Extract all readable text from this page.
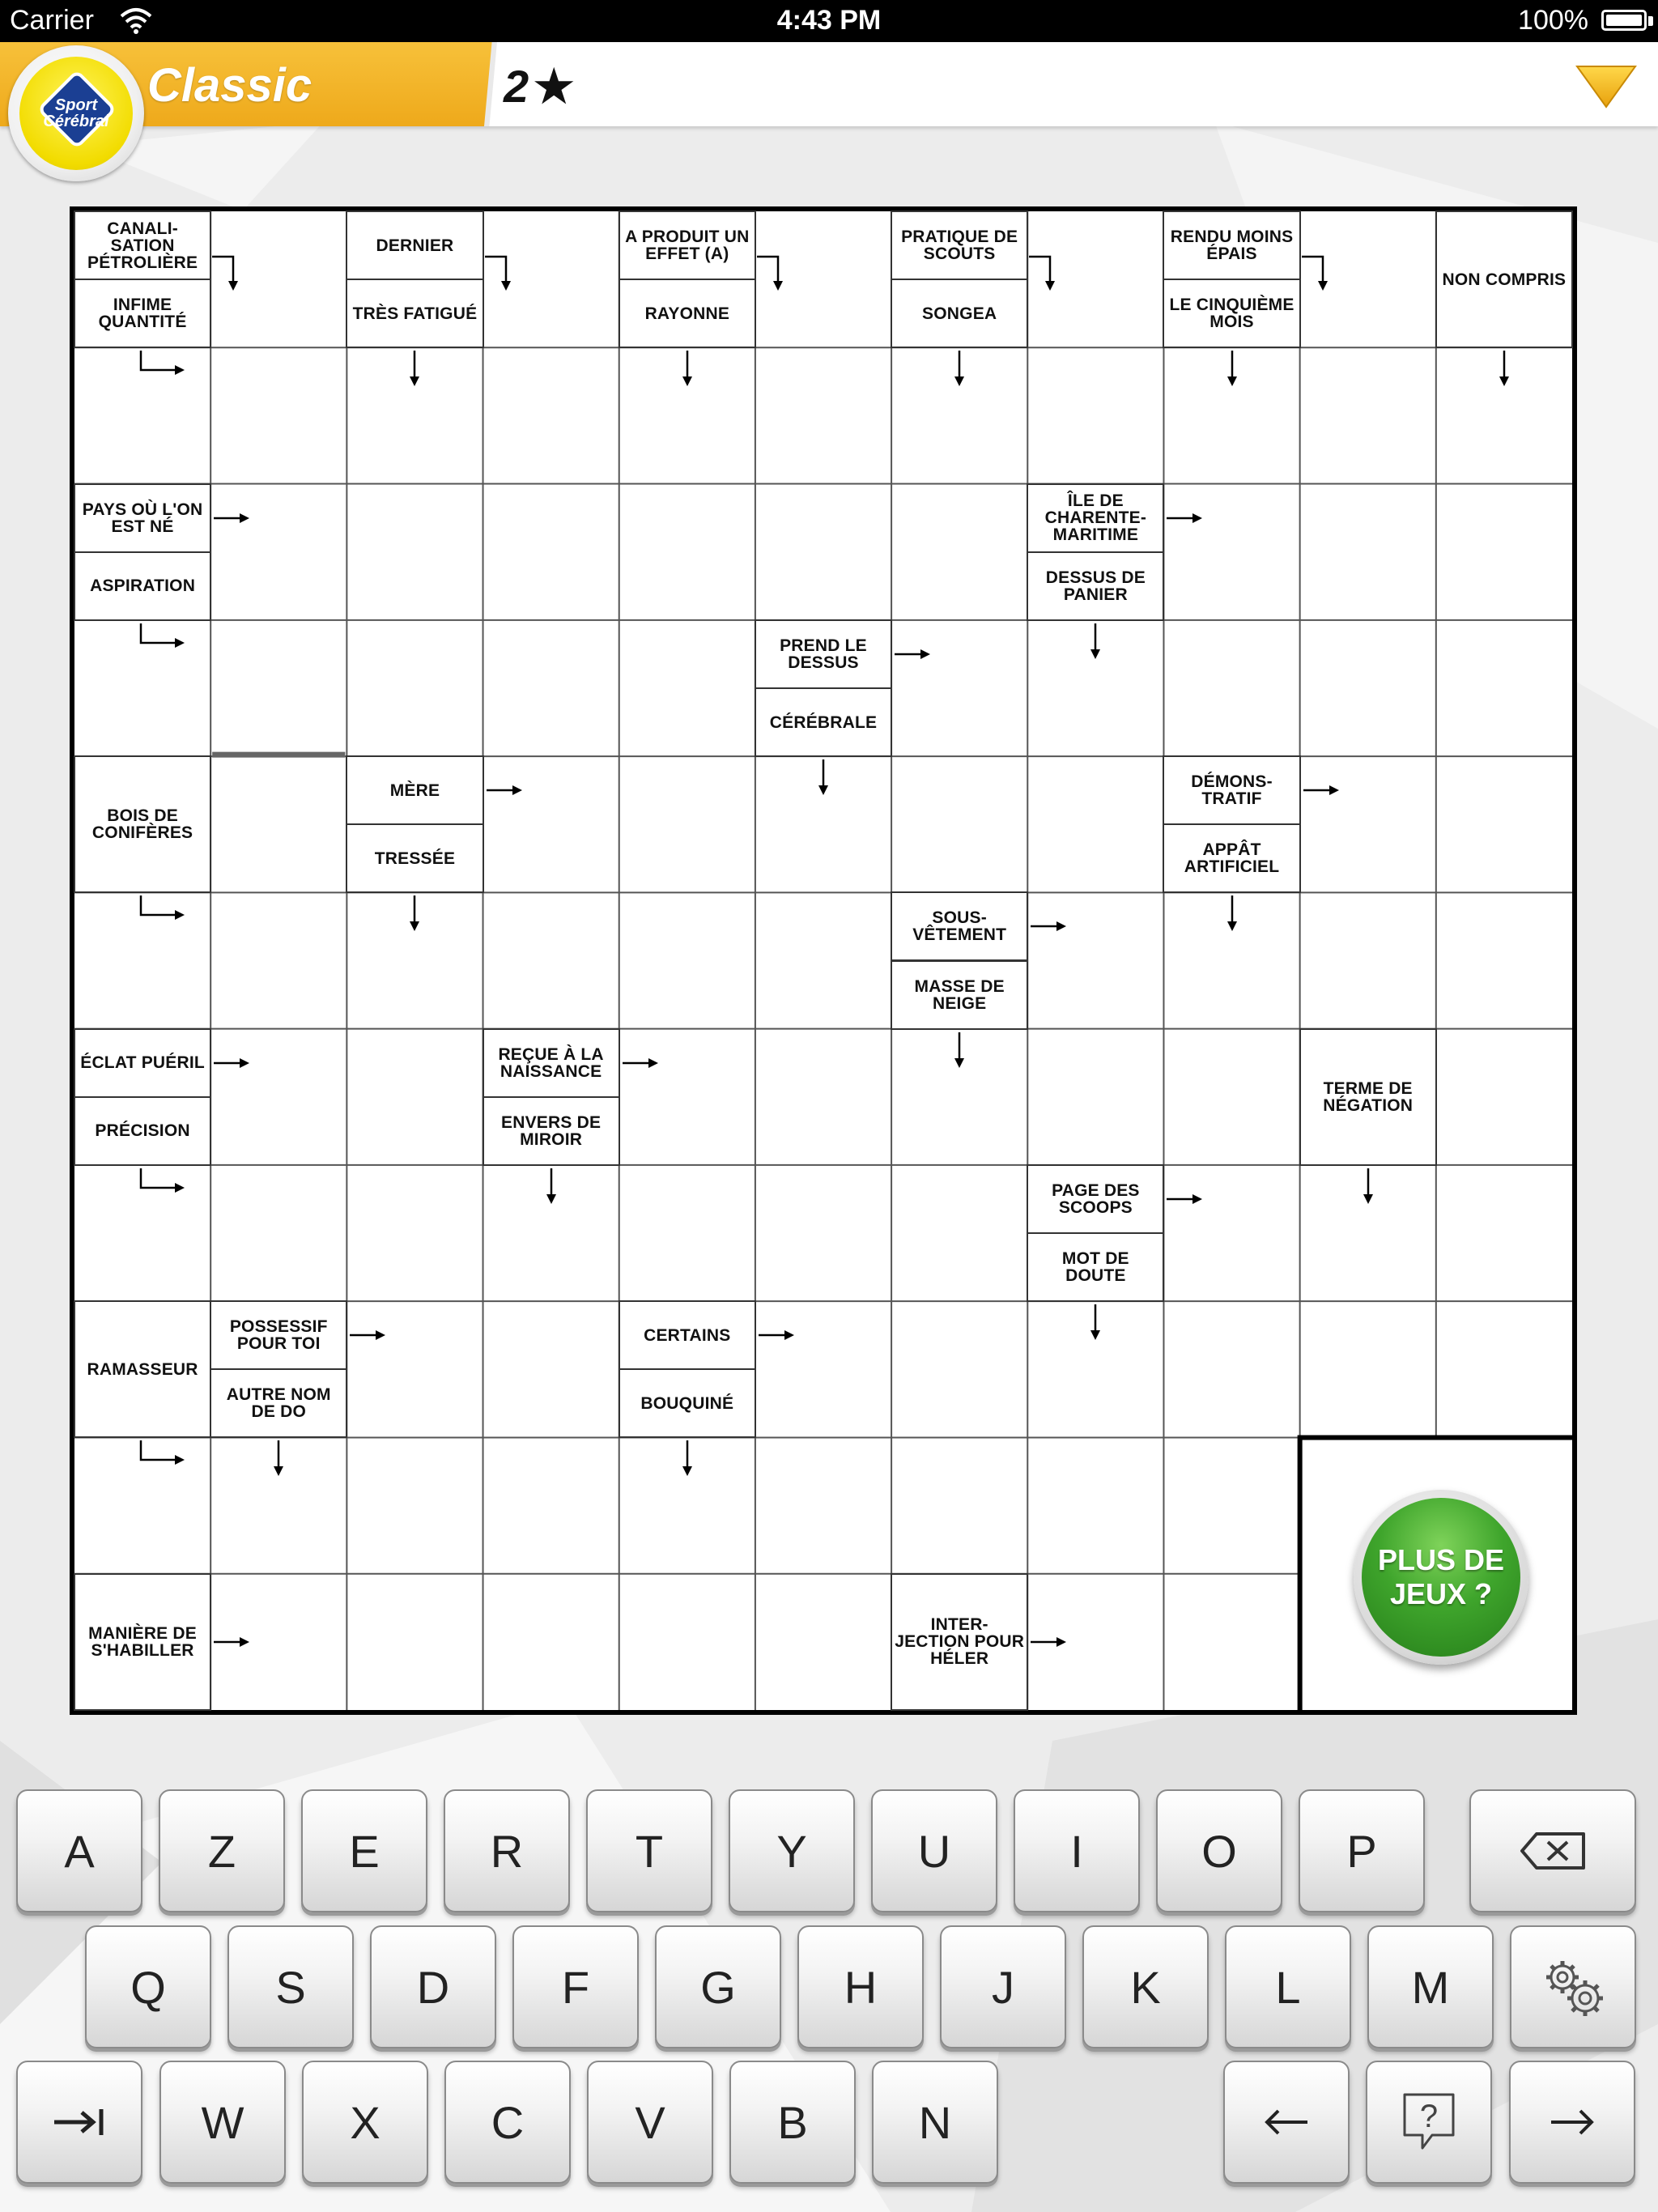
Carrier	4:43 PM	100%
Classic	2 ★
Sport
Cérébral
CANALI-SATION PÉTROLIÈRE
INFIME QUANTITÉ
DERNIER
TRÈS FATIGUÉ
A PRODUIT UN EFFET (A)
RAYONNE
PRATIQUE DE SCOUTS
SONGEA
RENDU MOINS ÉPAIS
LE CINQUIÈME MOIS
NON COMPRIS
PAYS OÙ L'ON EST NÉ
ASPIRATION
ÎLE DE CHARENTE-MARITIME
DESSUS DE PANIER
PREND LE DESSUS
CÉRÉBRALE
BOIS DE CONIFÈRES
MÈRE
TRESSÉE
DÉMONS-TRATIF
APPÂT ARTIFICIEL
SOUS-VÊTEMENT
MASSE DE NEIGE
ÉCLAT PUÉRIL
PRÉCISION
REÇUE À LA NAISSANCE
ENVERS DE MIROIR
TERME DE NÉGATION
PAGE DES SCOOPS
MOT DE DOUTE
RAMASSEUR
POSSESSIF POUR TOI
AUTRE NOM DE DO
CERTAINS
BOUQUINÉ
MANIÈRE DE S'HABILLER
INTER-JECTION POUR HÉLER
PLUS DE
JEUX ?
A	Z	E	R	T	Y	U	I	O	P
Q	S	D	F	G	H	J	K	L	M
W	X	C	V	B	N	?
